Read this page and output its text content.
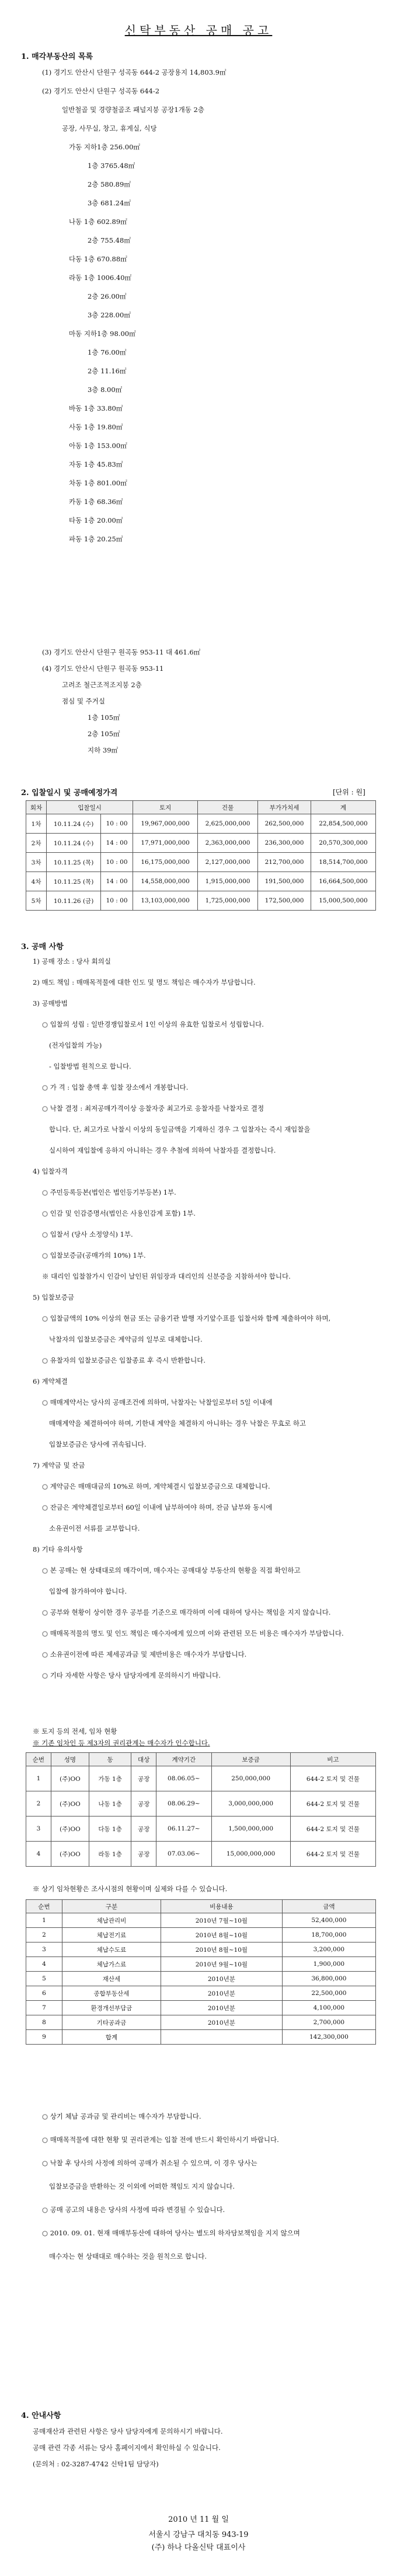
신탁부동산 공매 공고
1. 매각부동산의 목록
(1) 경기도 안산시 단원구 성곡동 644-2 공장용지 14,803.9㎡
(2) 경기도 안산시 단원구 성곡동 644-2
일반철골 및 경량철골조 패널지붕 공장1개동 2층
공장, 사무실, 창고, 휴게실, 식당
가동 지하1층 256.00㎡
1층 3765.48㎡
2층 580.89㎡
3층 681.24㎡
나동 1층 602.89㎡
2층 755.48㎡
다동 1층 670.88㎡
라동 1층 1006.40㎡
2층 26.00㎡
3층 228.00㎡
마동 지하1층 98.00㎡
1층 76.00㎡
2층 11.16㎡
3층 8.00㎡
바동 1층 33.80㎡
사동 1층 19.80㎡
아동 1층 153.00㎡
자동 1층 45.83㎡
차동 1층 801.00㎡
카동 1층 68.36㎡
타동 1층 20.00㎡
파동 1층 20.25㎡
(3) 경기도 안산시 단원구 원곡동 953-11 대 461.6㎡
(4) 경기도 안산시 단원구 원곡동 953-11
고려조 철근조적조지붕 2층
점심 및 주거실
1층 105㎡
2층 105㎡
지하 39㎡
2. 입찰일시 및 공매예정가격	[단위 : 원]
회차	입찰일시		토지	건물	부가가치세	계
1차	10.11.24 (수)	10 : 00	19,967,000,000	2,625,000,000	262,500,000	22,854,500,000
2차	10.11.24 (수)	14 : 00	17,971,000,000	2,363,000,000	236,300,000	20,570,300,000
3차	10.11.25 (목)	10 : 00	16,175,000,000	2,127,000,000	212,700,000	18,514,700,000
4차	10.11.25 (목)	14 : 00	14,558,000,000	1,915,000,000	191,500,000	16,664,500,000
5차	10.11.26 (금)	10 : 00	13,103,000,000	1,725,000,000	172,500,000	15,000,500,000
3. 공매 사항
1) 공매 장소 : 당사 회의실
2) 매도 책임 : 매매목적물에 대한 인도 및 명도 책임은 매수자가 부담합니다.
3) 공매방법
○ 입찰의 성립 : 일반경쟁입찰로서 1인 이상의 유효한 입찰로서 성립합니다.
(전자입찰의 가능)
- 입찰방법 원칙으로 합니다.
○ 가 격 : 입찰 총액 후 입찰 장소에서 개봉합니다.
○ 낙찰 결정 : 최저공매가격이상 응찰자중 최고가로 응찰자를 낙찰자로 결정
합니다. 단, 최고가로 낙찰시 이상의 동일금액을 기재하신 경우 그 입찰자는 즉시 재입찰을
실시하여 재입찰에 응하지 아니하는 경우 추첨에 의하여 낙찰자를 결정합니다.
4) 입찰자격
○ 주민등록등본(법인은 법인등기부등본) 1부.
○ 인감 및 인감증명서(법인은 사용인감계 포함) 1부.
○ 입찰서 (당사 소정양식) 1부.
○ 입찰보증금(공매가의 10%) 1부.
※ 대리인 입찰참가시 인감이 날인된 위임장과 대리인의 신분증을 지참하셔야 합니다.
5) 입찰보증금
○ 입찰금액의 10% 이상의 현금 또는 금융기관 발행 자기앞수표를 입찰서와 함께 제출하여야 하며,
낙찰자의 입찰보증금은 계약금의 일부로 대체합니다.
○ 유찰자의 입찰보증금은 입찰종료 후 즉시 반환합니다.
6) 계약체결
○ 매매계약서는 당사의 공매조건에 의하며, 낙찰자는 낙찰일로부터 5일 이내에
매매계약을 체결하여야 하며, 기한내 계약을 체결하지 아니하는 경우 낙찰은 무효로 하고
입찰보증금은 당사에 귀속됩니다.
7) 계약금 및 잔금
○ 계약금은 매매대금의 10%로 하며, 계약체결시 입찰보증금으로 대체합니다.
○ 잔금은 계약체결일로부터 60일 이내에 납부하여야 하며, 잔금 납부와 동시에
소유권이전 서류를 교부합니다.
8) 기타 유의사항
○ 본 공매는 현 상태대로의 매각이며, 매수자는 공매대상 부동산의 현황을 직접 확인하고
입찰에 참가하여야 합니다.
○ 공부와 현황이 상이한 경우 공부를 기준으로 매각하며 이에 대하여 당사는 책임을 지지 않습니다.
○ 매매목적물의 명도 및 인도 책임은 매수자에게 있으며 이와 관련된 모든 비용은 매수자가 부담합니다.
○ 소유권이전에 따른 제세공과금 및 제반비용은 매수자가 부담합니다.
○ 기타 자세한 사항은 당사 담당자에게 문의하시기 바랍니다.
※ 토지 등의 전세, 임차 현황
※ 기존 임차인 등 제3자의 권리관계는 매수자가 인수합니다.
순번	성명	동	대상	계약기간	보증금	비고
1	(주)OO	가동 1층	공장	08.06.05~	250,000,000	644-2 토지 및 건물
2	(주)OO	나동 1층	공장	08.06.29~	3,000,000,000	644-2 토지 및 건물
3	(주)OO	다동 1층	공장	06.11.27~	1,500,000,000	644-2 토지 및 건물
4	(주)OO	라동 1층	공장	07.03.06~	15,000,000,000	644-2 토지 및 건물
※ 상기 임차현황은 조사시점의 현황이며 실제와 다를 수 있습니다.
순번	구분	비용내용	금액
1	체납관리비	2010년 7월~10월	52,400,000
2	체납전기료	2010년 8월~10월	18,700,000
3	체납수도료	2010년 8월~10월	3,200,000
4	체납가스료	2010년 9월~10월	1,900,000
5	재산세	2010년분	36,800,000
6	종합부동산세	2010년분	22,500,000
7	환경개선부담금	2010년분	4,100,000
8	기타공과금	2010년분	2,700,000
9	합계		142,300,000
○ 상기 체납 공과금 및 관리비는 매수자가 부담합니다.
○ 매매목적물에 대한 현황 및 권리관계는 입찰 전에 반드시 확인하시기 바랍니다.
○ 낙찰 후 당사의 사정에 의하여 공매가 취소될 수 있으며, 이 경우 당사는
입찰보증금을 반환하는 것 이외에 어떠한 책임도 지지 않습니다.
○ 공매 공고의 내용은 당사의 사정에 따라 변경될 수 있습니다.
○ 2010. 09. 01. 현재 매매부동산에 대하여 당사는 별도의 하자담보책임을 지지 않으며
매수자는 현 상태대로 매수하는 것을 원칙으로 합니다.
4. 안내사항
공매재산과 관련된 사항은 당사 담당자에게 문의하시기 바랍니다.
공매 관련 각종 서류는 당사 홈페이지에서 확인하실 수 있습니다.
(문의처 : 02-3287-4742 신탁1팀 담당자)
2010 년 11 월 일
서울시 강남구 대치동 943-19
(주) 하나 다올신탁 대표이사
